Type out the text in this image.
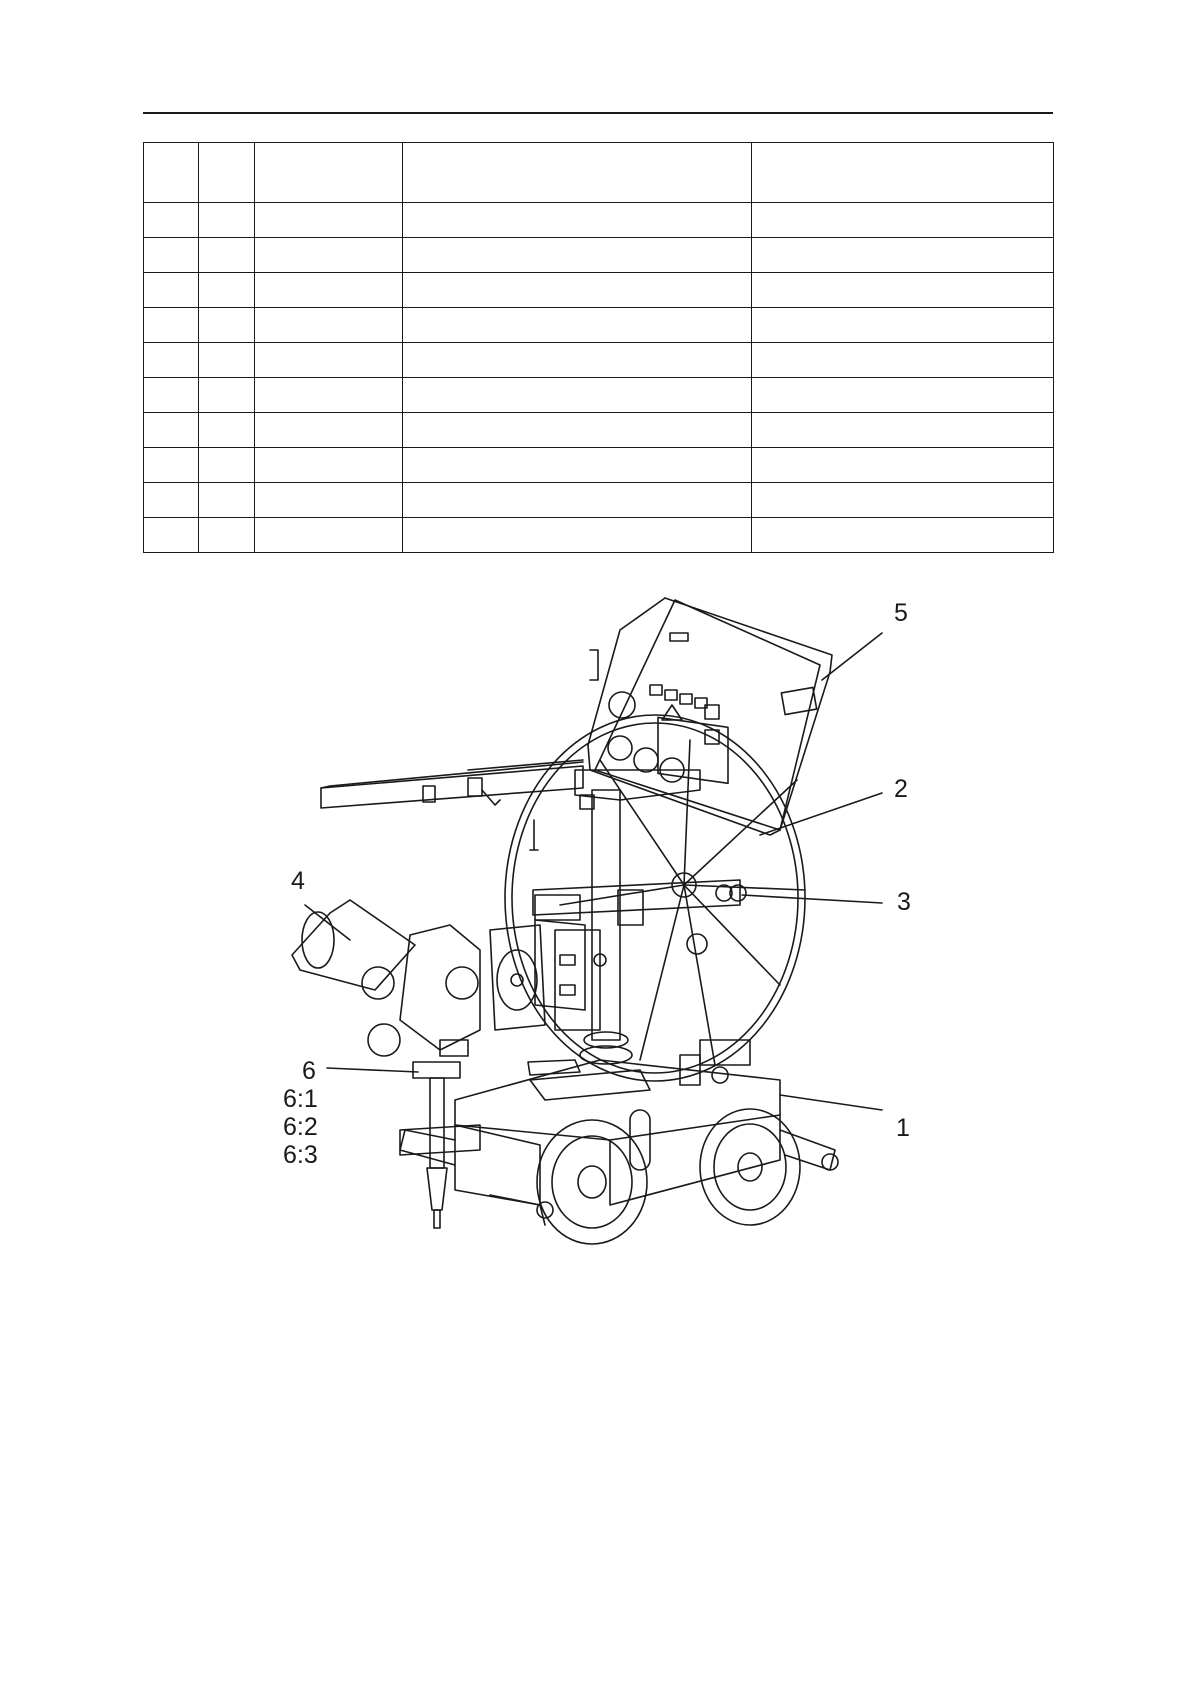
5
2
3
4
6
6:1
6:2
6:3
1
